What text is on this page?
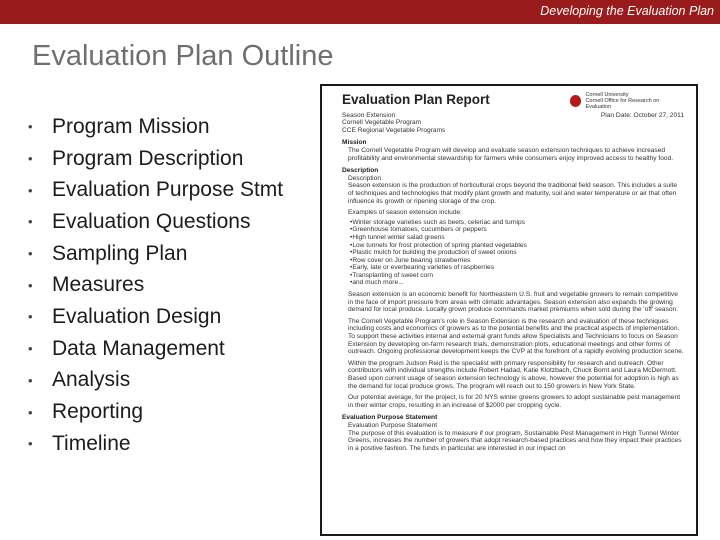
Developing the Evaluation Plan
Evaluation Plan Outline
• Program Mission
• Program Description
• Evaluation Purpose Stmt
• Evaluation Questions
• Sampling Plan
• Measures
• Evaluation Design
• Data Management
• Analysis
• Reporting
• Timeline
Cornell University
Cornell Office for Research on Evaluation
Evaluation Plan Report
Plan Date: October 27, 2011
Season Extension
Cornell Vegetable Program
CCE Regional Vegetable Programs
Mission
The Cornell Vegetable Program will develop and evaluate season extension techniques to achieve increased profitability and environmental stewardship for farmers while consumers enjoy improved access to healthy food.
Description
Description
Season extension is the production of horticultural crops beyond the traditional field season. This includes a suite of techniques and technologies that modify plant growth and maturity, soil and water temperature or air that often influence its growth or ripening storage of the crop.
Examples of season extension include:
• Winter storage varieties such as beets, celeriac and turnips
• Greenhouse tomatoes, cucumbers or peppers
• High tunnel winter salad greens
• Low tunnels for frost protection of spring planted vegetables
• Plastic mulch for building the production of sweet onions
• Row cover on June bearing strawberries
• Early, late or everbearing varieties of raspberries
• Transplanting of sweet corn
• and much more...
Season extension is an economic benefit for Northeastern U.S. fruit and vegetable growers to remain competitive in the face of import pressure from areas with climatic advantages. Season extension also expands the growing demand for local produce. Locally grown produce commands market premiums when sold during the 'off' season.
The Cornell Vegetable Program's role in Season Extension is the research and evaluation of these techniques including costs and economics of growers as to the potential benefits and the practical aspects of implementation. To support these activities internal and external grant funds allow Specialists and Technicians to focus on Season Extension by developing on-farm research trials, demonstration plots, educational meetings and other forms of outreach. Ongoing professional development keeps the CVP at the forefront of a rapidly evolving production scene.
Within the program Judson Reid is the specialist with primary responsibility for research and outreach. Other contributors with individual strengths include Robert Hadad, Katie Klotzbach, Chuck Bornt and Laura McDermott. Based upon current usage of season extension technology is above, however the potential for adoption is high as the demand for local produce grows. The program will reach out to 150 growers in New York State.
Our potential average, for the project, is for 20 NYS winter greens growers to adopt sustainable pest management in their winter crops, resulting in an increase of $2000 per cropping cycle.
Evaluation Purpose Statement
Evaluation Purpose Statement
The purpose of this evaluation is to measure if our program, Sustainable Pest Management in High Tunnel Winter Greens, increases the number of growers that adopt research-based practices and how they impact their practices in a positive fashion. The funds in particular are interested in our impact on
